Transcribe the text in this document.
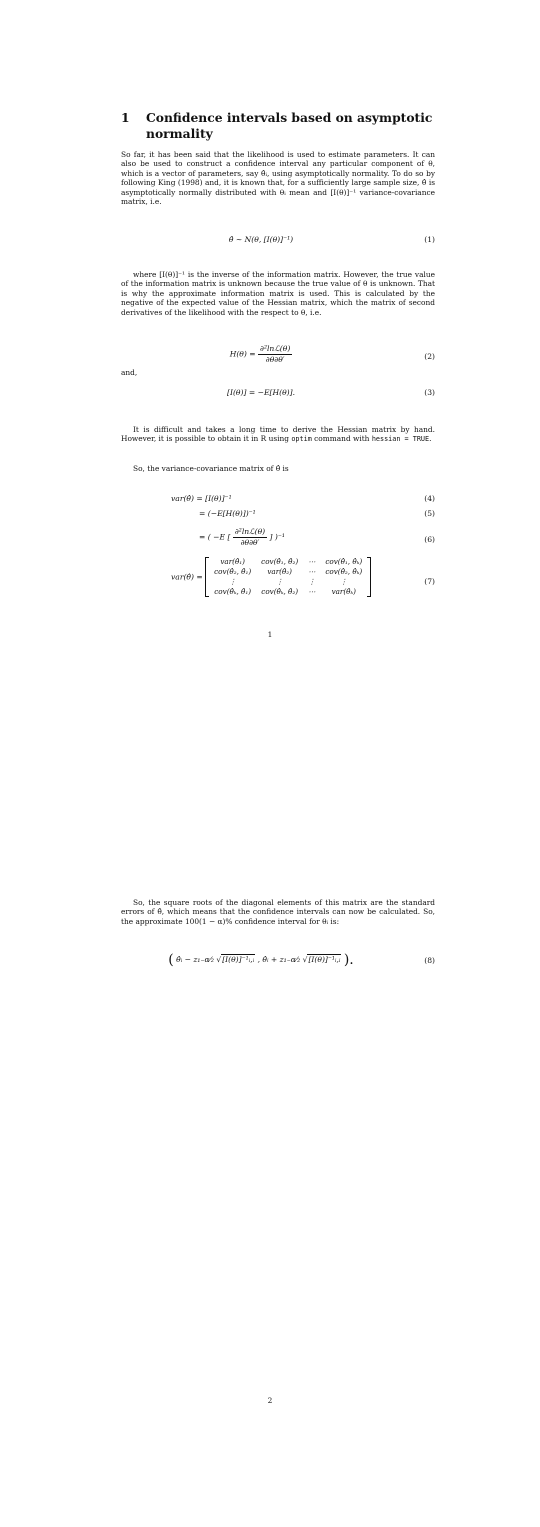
1 Confidence intervals based on asymptotic normality

So far, it has been said that the likelihood is used to estimate parameters. It can also be used to construct a confidence interval any particular component of θ, which is a vector of parameters, say θ̂ᵢ, using asymptotically normality. To do so by following King (1998) and, it is known that, for a sufficiently large sample size, θ̂ is asymptotically normally distributed with θᵢ mean and [I(θ)]⁻¹ variance-covariance matrix, i.e.

θ̂ ∼ N(θ, [I(θ)]⁻¹)	(1)

where [I(θ)]⁻¹ is the inverse of the information matrix. However, the true value of the information matrix is unknown because the true value of θ is unknown. That is why the approximate information matrix is used. This is calculated by the negative of the expected value of the Hessian matrix, which the matrix of second derivatives of the likelihood with the respect to θ, i.e.

$H(\theta) = \frac{\text{∂²lnℒ(θ)}}{\partial\theta\partial\theta'}$	(2)

and,

[I(θ)] = −E[H(θ)].	(3)

It is difficult and takes a long time to derive the Hessian matrix by hand. However, it is possible to obtain it in R using optim command with hessian = TRUE.

So, the variance-covariance matrix of θ̂ is

var(θ̂) = [I(θ)]⁻¹	(4)
= (−E[H(θ)])⁻¹	(5)
= ( −E [ $\frac{\text{∂²lnℒ(θ)}}{\partial\theta\partial\theta'}$ ] )⁻¹	(6)
var(θ̂) =
var(θ̂₁)	cov(θ̂₁, θ̂₂)	⋯	cov(θ̂₁, θ̂ₖ)
cov(θ̂₂, θ̂₁)	var(θ̂₂)	⋯	cov(θ̂₂, θ̂ₖ)
⋮	⋮	⋮	⋮
cov(θ̂ₖ, θ̂₁)	cov(θ̂ₖ, θ̂₂)	⋯	var(θ̂ₖ)
(7)
1

So, the square roots of the diagonal elements of this matrix are the standard errors of θ̂, which means that the confidence intervals can now be calculated. So, the approximate 100(1 − α)% confidence interval for θᵢ is:

( θ̂ᵢ − z₁₋α⁄₂ √[I(θ)]⁻¹ᵢ,ᵢ , θ̂ᵢ + z₁₋α⁄₂ √[I(θ)]⁻¹ᵢ,ᵢ ).	(8)
2
